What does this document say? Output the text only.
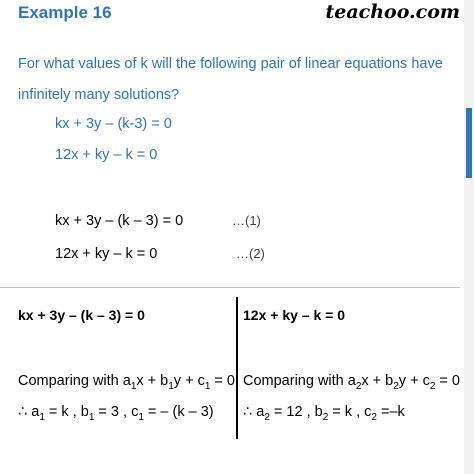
Example 16	teachoo.com
For what values of k will the following pair of linear equations have infinitely many solutions?
kx + 3y – (k-3) = 0
12x + ky – k = 0
kx + 3y – (k – 3) = 0	…(1)
12x + ky – k = 0	…(2)
kx + 3y – (k – 3) = 0
Comparing with $a_1x + b_1y + c_1 = 0$
∴ $a_1 = k$ , $b_1 = 3$ , $c_1$ = – (k – 3)
12x + ky – k = 0
Comparing with $a_2x + b_2y + c_2 = 0$
∴ $a_2 = 12$ , $b_2 = k$ , $c_2 =-k$
